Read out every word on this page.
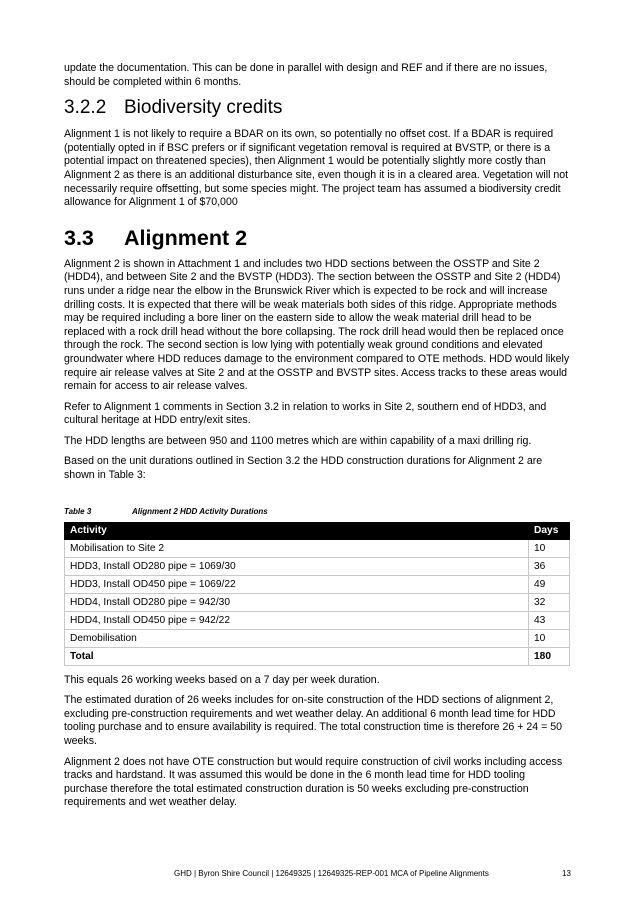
update the documentation. This can be done in parallel with design and REF and if there are no issues, should be completed within 6 months.

3.2.2 Biodiversity credits

Alignment 1 is not likely to require a BDAR on its own, so potentially no offset cost. If a BDAR is required (potentially opted in if BSC prefers or if significant vegetation removal is required at BVSTP, or there is a potential impact on threatened species), then Alignment 1 would be potentially slightly more costly than Alignment 2 as there is an additional disturbance site, even though it is in a cleared area. Vegetation will not necessarily require offsetting, but some species might. The project team has assumed a biodiversity credit allowance for Alignment 1 of $70,000

3.3	Alignment 2

Alignment 2 is shown in Attachment 1 and includes two HDD sections between the OSSTP and Site 2 (HDD4), and between Site 2 and the BVSTP (HDD3). The section between the OSSTP and Site 2 (HDD4) runs under a ridge near the elbow in the Brunswick River which is expected to be rock and will increase drilling costs. It is expected that there will be weak materials both sides of this ridge. Appropriate methods may be required including a bore liner on the eastern side to allow the weak material drill head to be replaced with a rock drill head without the bore collapsing. The rock drill head would then be replaced once through the rock. The second section is low lying with potentially weak ground conditions and elevated groundwater where HDD reduces damage to the environment compared to OTE methods. HDD would likely require air release valves at Site 2 and at the OSSTP and BVSTP sites. Access tracks to these areas would remain for access to air release valves.

Refer to Alignment 1 comments in Section 3.2 in relation to works in Site 2, southern end of HDD3, and cultural heritage at HDD entry/exit sites.

The HDD lengths are between 950 and 1100 metres which are within capability of a maxi drilling rig.

Based on the unit durations outlined in Section 3.2 the HDD construction durations for Alignment 2 are shown in Table 3:

Table 3	Alignment 2 HDD Activity Durations
Activity	Days
Mobilisation to Site 2	10
HDD3, Install OD280 pipe = 1069/30	36
HDD3, Install OD450 pipe = 1069/22	49
HDD4, Install OD280 pipe = 942/30	32
HDD4, Install OD450 pipe = 942/22	43
Demobilisation	10
Total	180

This equals 26 working weeks based on a 7 day per week duration.

The estimated duration of 26 weeks includes for on-site construction of the HDD sections of alignment 2, excluding pre-construction requirements and wet weather delay. An additional 6 month lead time for HDD tooling purchase and to ensure availability is required. The total construction time is therefore 26 + 24 = 50 weeks.

Alignment 2 does not have OTE construction but would require construction of civil works including access tracks and hardstand. It was assumed this would be done in the 6 month lead time for HDD tooling purchase therefore the total estimated construction duration is 50 weeks excluding pre-construction requirements and wet weather delay.

GHD | Byron Shire Council | 12649325 | 12649325-REP-001 MCA of Pipeline Alignments	13
